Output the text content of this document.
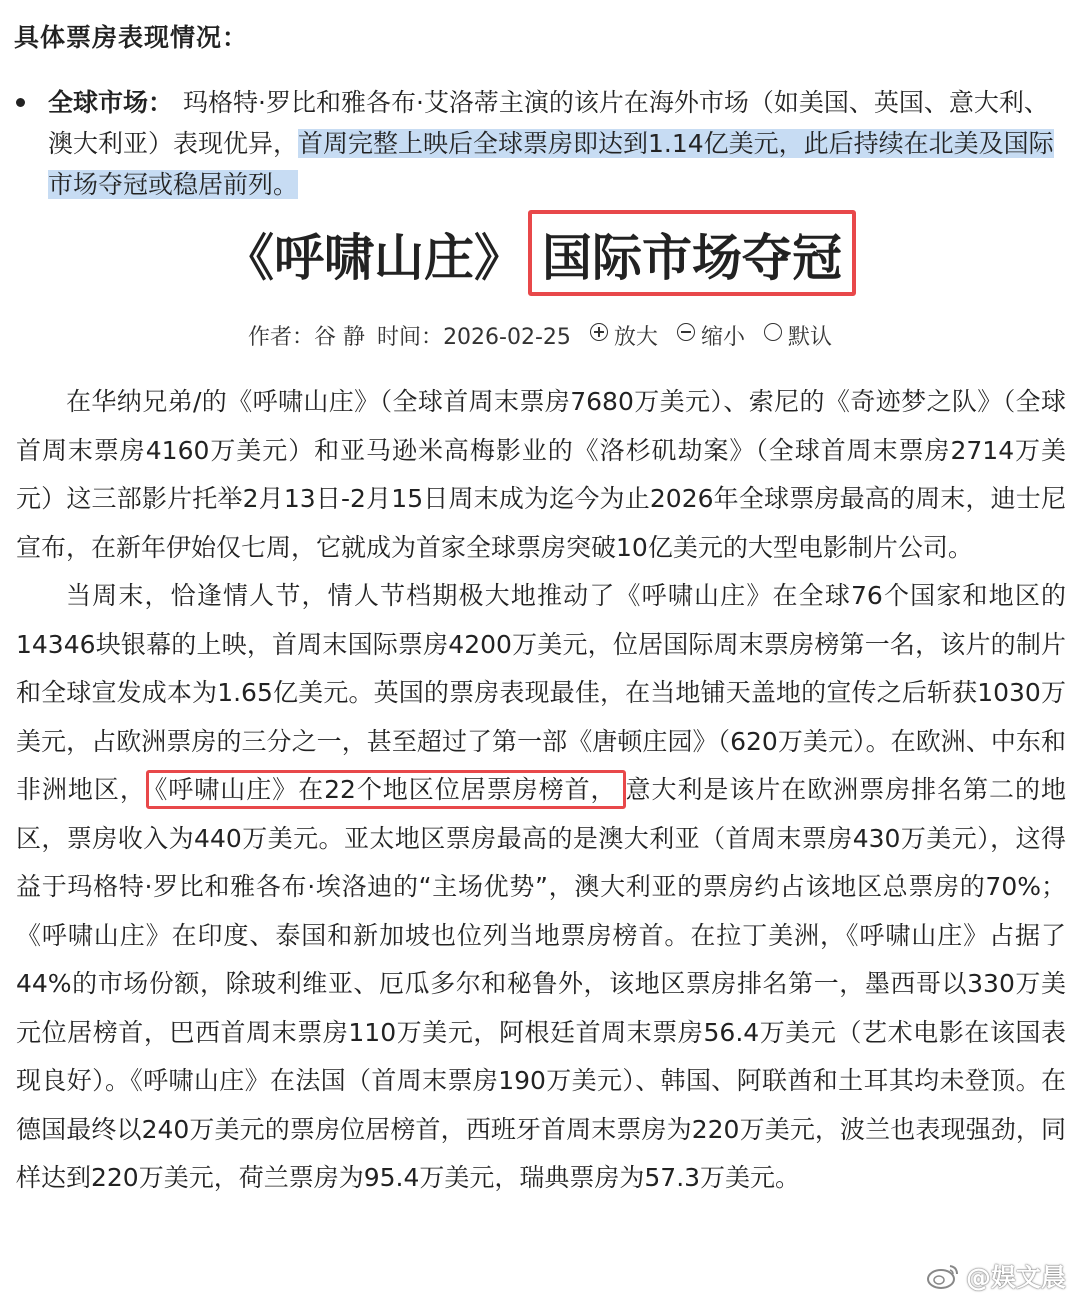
具体票房表现情况：
全球市场： 玛格特·罗比和雅各布·艾洛蒂主演的该片在海外市场（如美国、英国、意大利、澳大利亚）表现优异，首周完整上映后全球票房即达到1.14亿美元，此后持续在北美及国际市场夺冠或稳居前列。
《呼啸山庄》 国际市场夺冠
作者：谷 静 时间：2026-02-25 放大 缩小 默认

在华纳兄弟/的《呼啸山庄》（全球首周末票房7680万美元）、索尼的《奇迹梦之队》（全球首周末票房4160万美元）和亚马逊米高梅影业的《洛杉矶劫案》（全球首周末票房2714万美元）这三部影片托举2月13日-2月15日周末成为迄今为止2026年全球票房最高的周末，迪士尼宣布，在新年伊始仅七周，它就成为首家全球票房突破10亿美元的大型电影制片公司。

当周末，恰逢情人节，情人节档期极大地推动了《呼啸山庄》在全球76个国家和地区的14346块银幕的上映，首周末国际票房4200万美元，位居国际周末票房榜第一名，该片的制片和全球宣发成本为1.65亿美元。英国的票房表现最佳，在当地铺天盖地的宣传之后斩获1030万美元，占欧洲票房的三分之一，甚至超过了第一部《唐顿庄园》（620万美元）。在欧洲、中东和非洲地区， 《呼啸山庄》在22个地区位居票房榜首， 意大利是该片在欧洲票房排名第二的地区，票房收入为440万美元。亚太地区票房最高的是澳大利亚（首周末票房430万美元），这得益于玛格特·罗比和雅各布·埃洛迪的“主场优势”，澳大利亚的票房约占该地区总票房的70%；《呼啸山庄》在印度、泰国和新加坡也位列当地票房榜首。在拉丁美洲，《呼啸山庄》占据了44%的市场份额，除玻利维亚、厄瓜多尔和秘鲁外，该地区票房排名第一，墨西哥以330万美元位居榜首，巴西首周末票房110万美元，阿根廷首周末票房56.4万美元（艺术电影在该国表现良好）。《呼啸山庄》在法国（首周末票房190万美元）、韩国、阿联酋和土耳其均未登顶。在德国最终以240万美元的票房位居榜首，西班牙首周末票房为220万美元，波兰也表现强劲，同样达到220万美元，荷兰票房为95.4万美元，瑞典票房为57.3万美元。

@娱文晨
